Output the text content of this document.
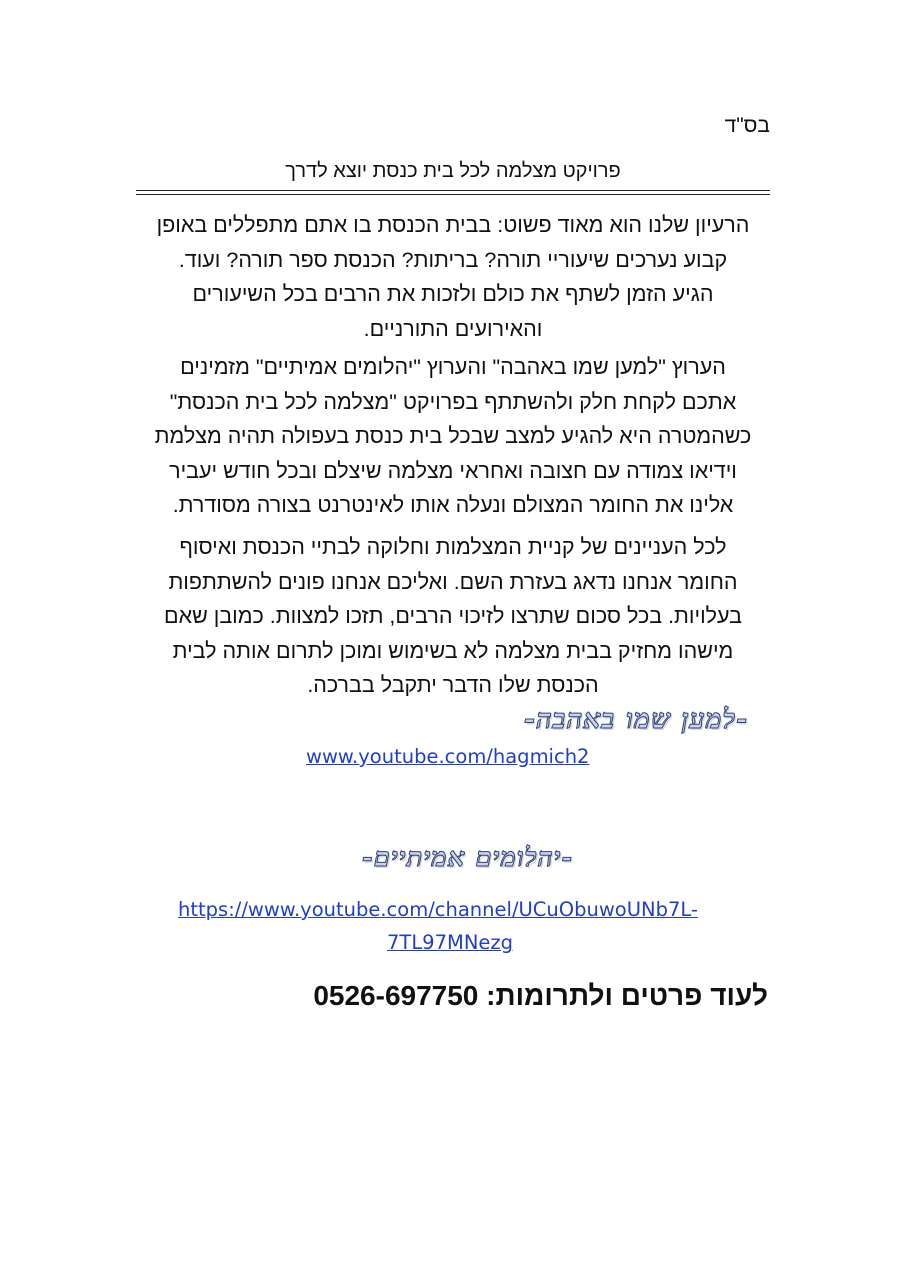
בס"ד
פרויקט מצלמה לכל בית כנסת יוצא לדרך
הרעיון שלנו הוא מאוד פשוט: בבית הכנסת בו אתם מתפללים באופן
קבוע נערכים שיעוריי תורה? בריתות? הכנסת ספר תורה? ועוד.
הגיע הזמן לשתף את כולם ולזכות את הרבים בכל השיעורים
והאירועים התורניים.
הערוץ "למען שמו באהבה" והערוץ "יהלומים אמיתיים" מזמינים
אתכם לקחת חלק ולהשתתף בפרויקט "מצלמה לכל בית הכנסת"
כשהמטרה היא להגיע למצב שבכל בית כנסת בעפולה תהיה מצלמת
וידיאו צמודה עם חצובה ואחראי מצלמה שיצלם ובכל חודש יעביר
אלינו את החומר המצולם ונעלה אותו לאינטרנט בצורה מסודרת.
לכל העניינים של קניית המצלמות וחלוקה לבתיי הכנסת ואיסוף
החומר אנחנו נדאג בעזרת השם. ואליכם אנחנו פונים להשתתפות
בעלויות. בכל סכום שתרצו לזיכוי הרבים, תזכו למצוות. כמובן שאם
מישהו מחזיק בבית מצלמה לא בשימוש ומוכן לתרום אותה לבית
הכנסת שלו הדבר יתקבל בברכה.
-למען שמו באהבה-
www.youtube.com/hagmich2
-יהלומים אמיתיים-
https://www.youtube.com/channel/UCuObuwoUNb7L-
7TL97MNezg
לעוד פרטים ולתרומות: 0526-697750
